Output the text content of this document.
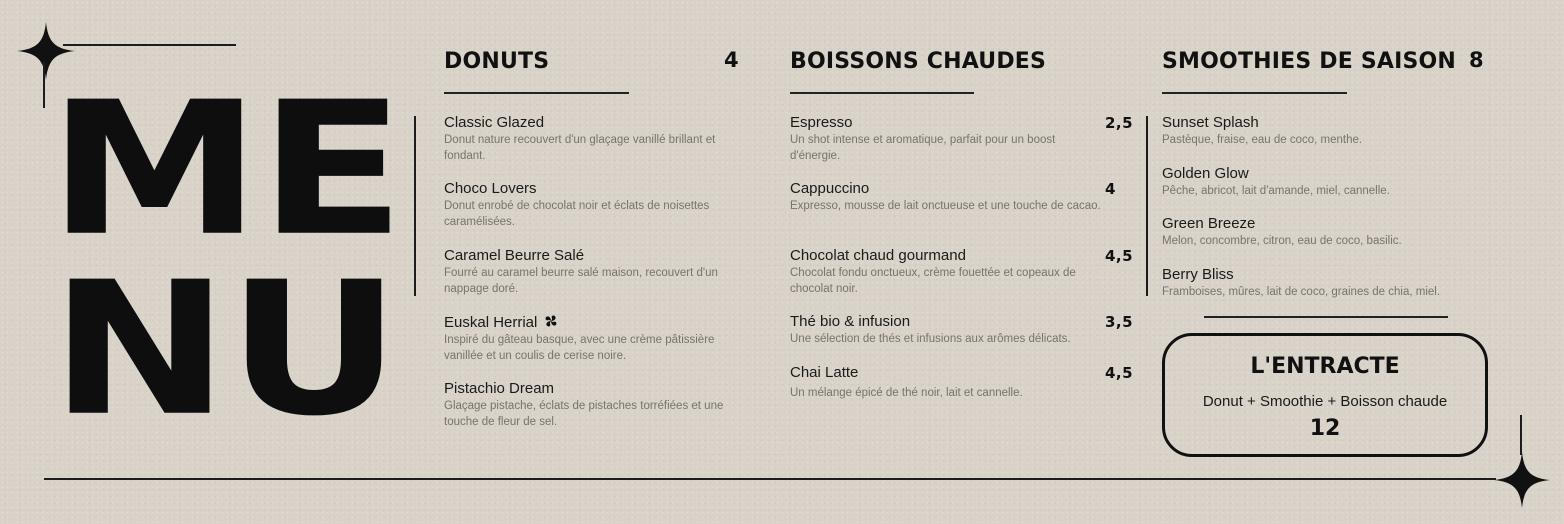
ME
NU
DONUTS	4
Classic Glazed
Donut nature recouvert d'un glaçage vanillé brillant et fondant.
Choco Lovers
Donut enrobé de chocolat noir et éclats de noisettes caramélisées.
Caramel Beurre Salé
Fourré au caramel beurre salé maison, recouvert d'un nappage doré.
Euskal Herrial
Inspiré du gâteau basque, avec une crème pâtissière vanillée et un coulis de cerise noire.
Pistachio Dream
Glaçage pistache, éclats de pistaches torréfiées et une touche de fleur de sel.
BOISSONS CHAUDES
Espresso
Un shot intense et aromatique, parfait pour un boost d'énergie.
2,5
Cappuccino
Expresso, mousse de lait onctueuse et une touche de cacao.
4
Chocolat chaud gourmand
Chocolat fondu onctueux, crème fouettée et copeaux de chocolat noir.
4,5
Thé bio & infusion
Une sélection de thés et infusions aux arômes délicats.
3,5
Chai Latte
Un mélange épicé de thé noir, lait et cannelle.
4,5
SMOOTHIES DE SAISON 8
Sunset Splash
Pastèque, fraise, eau de coco, menthe.
Golden Glow
Pêche, abricot, lait d'amande, miel, cannelle.
Green Breeze
Melon, concombre, citron, eau de coco, basilic.
Berry Bliss
Framboises, mûres, lait de coco, graines de chia, miel.
L'ENTRACTE
Donut + Smoothie + Boisson chaude
12
